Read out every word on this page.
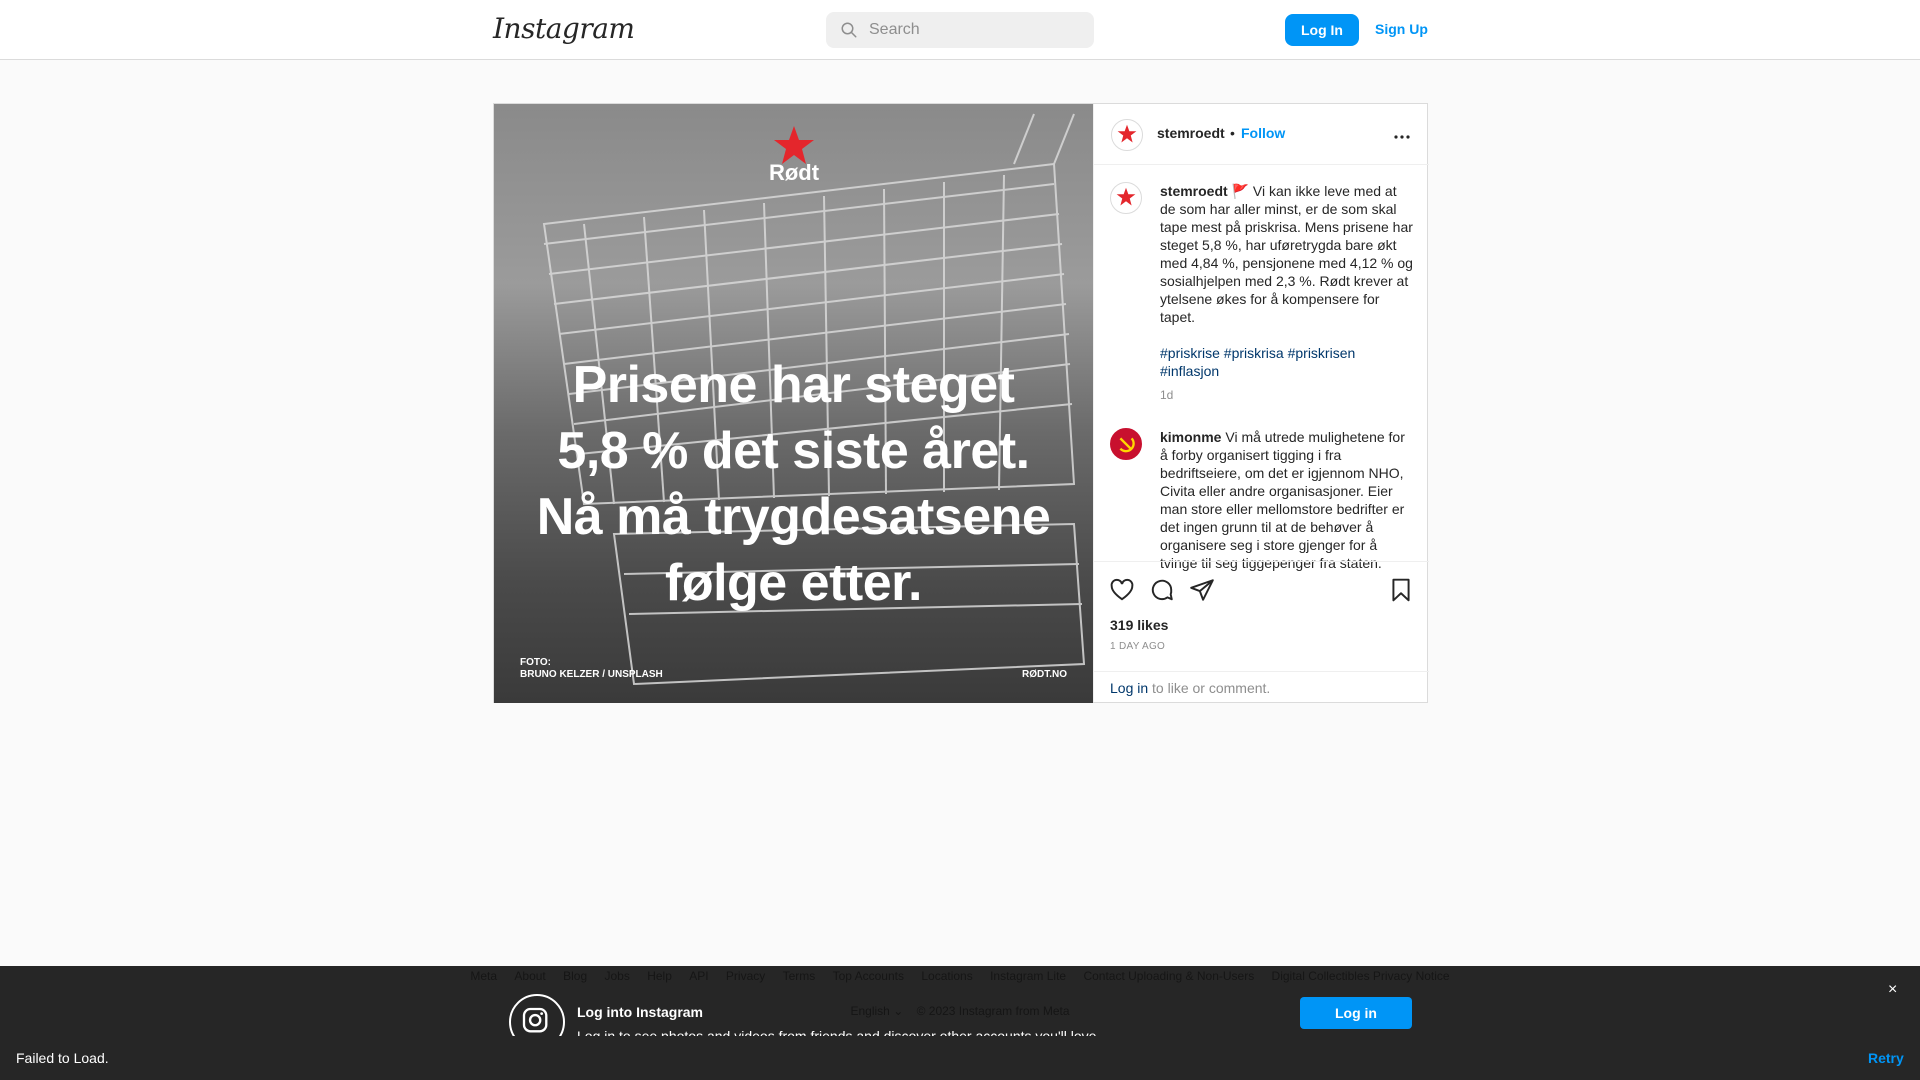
Instagram
Search	Log In	Sign Up
Rødt
Prisene har steget
5,8 % det siste året.
Nå må trygdesatsene
følge etter.
FOTO:
BRUNO KELZER / UNSPLASH	RØDT.NO
stemroedt • Follow
stemroedt 🚩 Vi kan ikke leve med at de som har aller minst, er de som skal tape mest på priskrisa. Mens prisene har steget 5,8 %, har uføretrygda bare økt med 4,84 %, pensjonene med 4,12 % og sosialhjelpen med 2,3 %. Rødt krever at ytelsene økes for å kompensere for tapet.

#priskrise #priskrisa #priskrisen #inflasjon
1d
kimonme Vi må utrede mulighetene for å forby organisert tigging i fra bedriftseiere, om det er igjennom NHO, Civita eller andre organisasjoner. Eier man store eller mellomstore bedrifter er det ingen grunn til at de behøver å organisere seg i store gjenger for å tvinge til seg tiggepenger fra staten.
319 likes
1 DAY AGO
Log in to like or comment.

Log into Instagram	Log in
×
Failed to Load.	Retry
